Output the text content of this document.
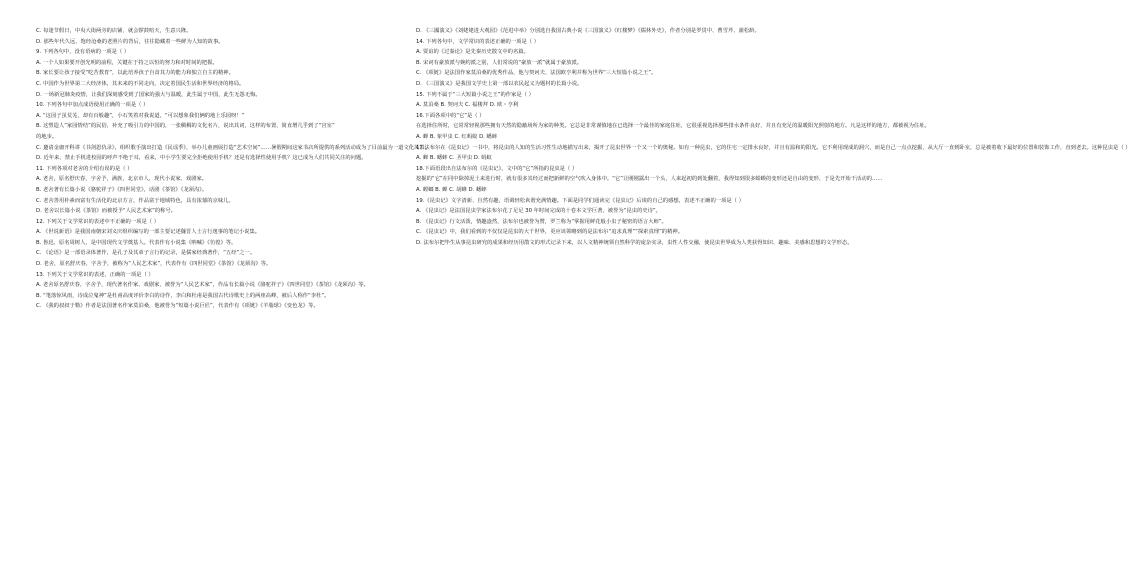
C. 每逢节假日，中央大街两旁的店铺，就会锣鼓喧天，生意兴隆。
D. 那些年代久远、饱经沧桑的老照片的背后，往往隐藏着一些鲜为人知的故事。
9. 下列各句中，没有语病的一项是（ ）
A. 一个人如果要开创光明的前程，关键在于持之以恒的努力和对时间的把握。
B. 家长要让孩子接受“吃苦教育”，以此培养孩子自食其力的能力和独立自主的精神。
C. 中国作为世界第二大经济体，其未来的不同走向，决定着国民生活和世界经济的格局。
D. 一场新冠肺炎疫情，让我们深刻感受到了国家的强大与温暖，此生属于中国，此生无怨无悔。
10. 下列各句中加点成语使用正确的一项是（ ）
A. “这园子虽荒芜，却有百般趣”，小石笑着对我说道，“可以想象我们俩的地上乐园呀！”
B. 这塑造人“家园情结”的民俗，补充了吸引力的中国的，一张稠稠的文化名片，说出其词，这样的布置，简直增几乎到了“宫室”
的地步。
C. 邀请金庸开科讲《书剑恩仇录》，组织歌手演出打造《民谣季》，举办儿童画展打造“艺术空间”……暑假期间这家书店所提供的系列活动成为了目前最为一道文化风景。
D. 近年来，禁止手机进校园的呼声不绝于耳，看来，中小学生要完全拒绝使用手机？还是有选择性使用手机？这已成为人们共同关注的问题。
11. 下列各项对老舍的介绍有误的是（ ）
A. 老舍，原名舒庆春，字舍予，满族，北京市人，现代小说家、戏剧家。
B. 老舍著有长篇小说《骆驼祥子》《四世同堂》，话剧《茶馆》《龙须沟》。
C. 老舍善用朴素而富有生活化的北京方言，作品富于地域特色，具有浓郁的京味儿。
D. 老舍以长篇小说《茶馆》而被授予“人民艺术家”的称号。
12. 下列关于文学常识的表述中不正确的一项是（ ）
A. 《世说新语》是我国南朝宋刘义庆组织编写的一部主要记述魏晋人士言行逸事的笔记小说集。
B. 鲁迅，原名周树人，是中国现代文学奠基人。代表作有小说集《呐喊》《彷徨》等。
C. 《论语》是一部语录体著作，是孔子及其弟子言行的记录，是儒家经典著作，“五经”之一。
D. 老舍，原名舒庆春，字舍予，被称为“人民艺术家”，代表作有《四世同堂》《茶馆》《龙须沟》等。
13. 下列关于文学常识的表述，正确的一项是（ ）
A. 老舍原名舒庆春，字舍予，现代著名作家、戏剧家，被誉为“人民艺术家”，作品有长篇小说《骆驼祥子》《四世同堂》《茶馆》《龙须沟》等。
B. “笔落惊风雨，诗成泣鬼神”是杜甫高度评价李白的诗作，李白和杜甫是我国古代诗歌史上的两座高峰，被后人称作“李杜”。
C. 《我的叔叔于勒》作者是法国著名作家莫泊桑，他被誉为“短篇小说巨匠”，代表作有《项链》《羊脂球》《变色龙》等。
D. 《三國演义》《刘姥姥进大观园》《范进中举》分别选自我国古典小说《三国演义》《红楼梦》《儒林外史》，作者分别是罗贯中、曹雪芹、蒲松龄。
14. 下列各句中，文学常识的表述正确的一项是（ ）
A. 贾谊的《过秦论》是先秦历史散文中的名篇。
B. 宋词有豪放派与婉约派之别，人们常说的“豪放一派”就属于豪放派。
C. 《项链》是法国作家莫泊桑的优秀作品，他与契诃夫、法国欧亨利并称为世界“三大短篇小说之王”。
D. 《三国演义》是我国文学史上第一部以农民起义为题材的长篇小说。
15. 下列不属于“三大短篇小说之王”的作家是（ ）
A. 莫泊桑 B. 契诃夫 C. 福楼拜 D. 欧・亨利
16.下面各项中的“它”是（ ）
在选择住所时，它常常轻视那些拥有天然的隐蔽场所为家的种类。它总是非常谨慎地在已选择一个最佳的家庭住址，它很重视选择那些排水条件良好，并且有充足的温暖阳光照射的地方。凡是这样的地方，都被视为住址。
A. 蝉 B. 象甲虫 C. 红蚂蚁 D. 蟋蟀
17.法布尔在《昆虫记》一书中，将昆虫的人知的生活习性生动地描写出来，揭开了昆虫世界一个又一个的奥秘。如有一种昆虫，它的住宅一定排水良好，并且有温和的阳光。它不利用现成的洞穴，而是自己一点点挖掘，从大厅一直到卧室，总是被着收下最好的位置和装饰工作，直到老去。这种昆虫是（ ）
A. 蝉 B. 蟋蟀 C. 圣甲虫 D. 蚂蚁
18.下面语段出自法布尔的《昆虫记》，文中的“它”所指的昆虫是（ ）
挖掘的“它”在同中除掉泥土来进行时，就有很多其经过而把新鲜的空气吹入身体中。“它”让刚刚露出一个头，人来起初的到处翻着，我得知到很多蛤蟆的变形还是自由的变形，于是先开始干活动的……
A. 螳螂 B. 蝉 C. 胡蜂 D. 蟋蟀
19.《昆虫记》文字清新、自然有趣，语调轻松诙谐充满情趣。下面是同学们通读完《昆虫记》后谈的自己的感想，表述不正确的一项是（ ）
A. 《昆虫记》是法国昆虫学家法布尔花了足足 30 年时间完成的十卷本文学巨著，被誉为“昆虫的史诗”。
B. 《昆虫记》行文活泼，情趣盎然，法布尔也被誉为赞，罗兰称为“掌握用鲜花般小虫子秘密的语言大师”。
C. 《昆虫记》中，我们看到的不仅仅是昆虫的大千世界，更应该领略到的是法布尔“追求真理”“探索真理”的精神。
D. 法布尔把毕生从事昆虫研究的成果和经历用散文的形式记录下来，以人文精神统领自然科学的庞杂实录，虫性人性交融，使昆虫世界成为人类获得知识、趣味、美感和思想的文学形态。
